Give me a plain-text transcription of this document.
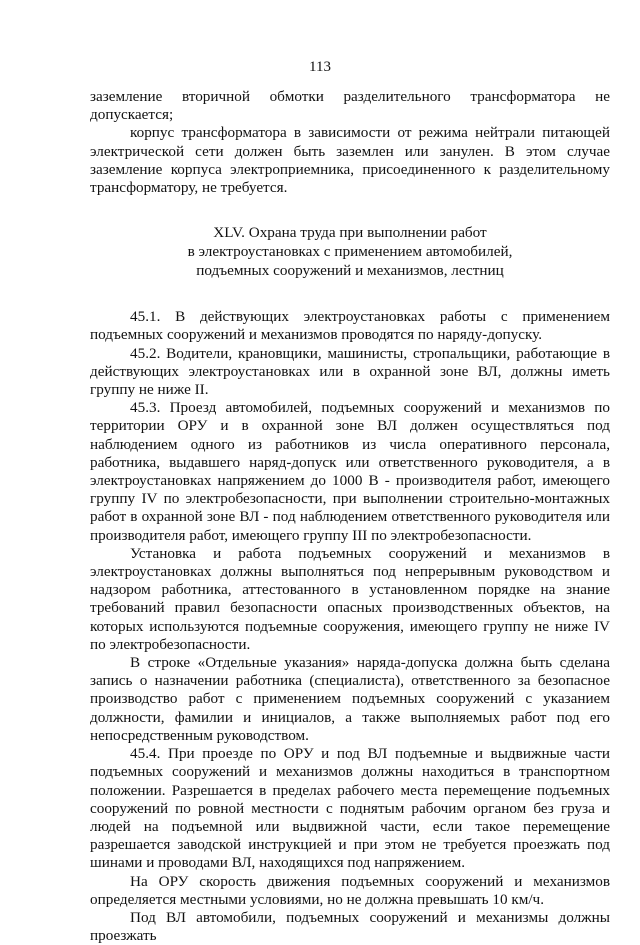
113

заземление вторичной обмотки разделительного трансформатора не допускается;

корпус трансформатора в зависимости от режима нейтрали питающей электрической сети должен быть заземлен или занулен. В этом случае заземление корпуса электроприемника, присоединенного к разделительному трансформатору, не требуется.

XLV. Охрана труда при выполнении работ
в электроустановках с применением автомобилей,
подъемных сооружений и механизмов, лестниц

45.1. В действующих электроустановках работы с применением подъемных сооружений и механизмов проводятся по наряду-допуску.

45.2. Водители, крановщики, машинисты, стропальщики, работающие в действующих электроустановках или в охранной зоне ВЛ, должны иметь группу не ниже II.

45.3. Проезд автомобилей, подъемных сооружений и механизмов по территории ОРУ и в охранной зоне ВЛ должен осуществляться под наблюдением одного из работников из числа оперативного персонала, работника, выдавшего наряд-допуск или ответственного руководителя, а в электроустановках напряжением до 1000 В - производителя работ, имеющего группу IV по электробезопасности, при выполнении строительно-монтажных работ в охранной зоне ВЛ - под наблюдением ответственного руководителя или производителя работ, имеющего группу III по электробезопасности.

Установка и работа подъемных сооружений и механизмов в электроустановках должны выполняться под непрерывным руководством и надзором работника, аттестованного в установленном порядке на знание требований правил безопасности опасных производственных объектов, на которых используются подъемные сооружения, имеющего группу не ниже IV по электробезопасности.

В строке «Отдельные указания» наряда-допуска должна быть сделана запись о назначении работника (специалиста), ответственного за безопасное производство работ с применением подъемных сооружений с указанием должности, фамилии и инициалов, а также выполняемых работ под его непосредственным руководством.

45.4. При проезде по ОРУ и под ВЛ подъемные и выдвижные части подъемных сооружений и механизмов должны находиться в транспортном положении. Разрешается в пределах рабочего места перемещение подъемных сооружений по ровной местности с поднятым рабочим органом без груза и людей на подъемной или выдвижной части, если такое перемещение разрешается заводской инструкцией и при этом не требуется проезжать под шинами и проводами ВЛ, находящихся под напряжением.

На ОРУ скорость движения подъемных сооружений и механизмов определяется местными условиями, но не должна превышать 10 км/ч.

Под ВЛ автомобили, подъемных сооружений и механизмы должны проезжать
